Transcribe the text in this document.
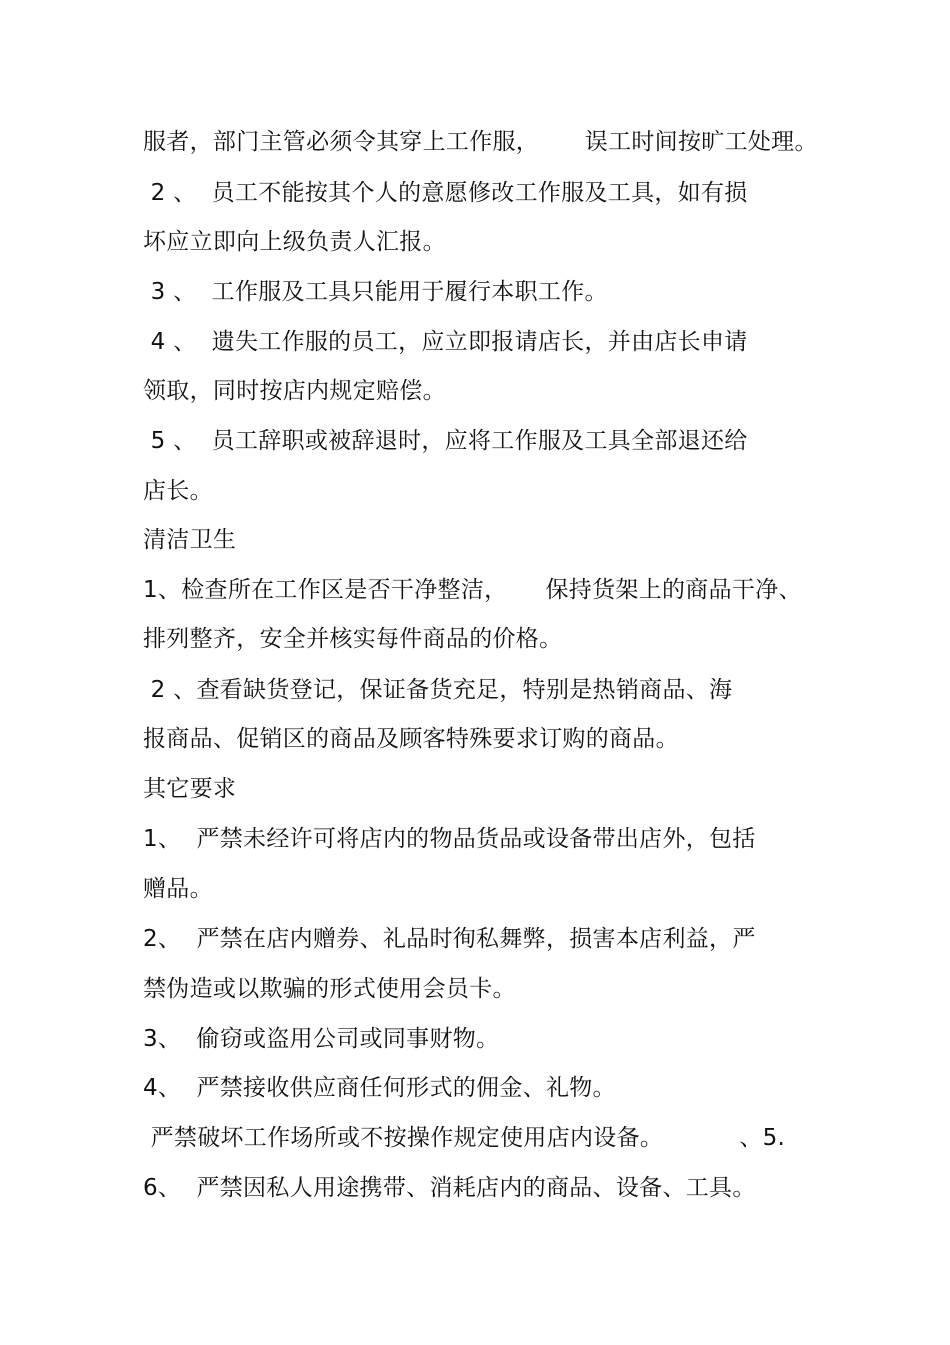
服者，部门主管必须令其穿上工作服，      误工时间按旷工处理。
2 、  员工不能按其个人的意愿修改工作服及工具，如有损
坏应立即向上级负责人汇报。
3 、  工作服及工具只能用于履行本职工作。
4 、  遗失工作服的员工，应立即报请店长，并由店长申请
领取，同时按店内规定赔偿。
5 、  员工辞职或被辞退时，应将工作服及工具全部退还给
店长。
清洁卫生
1、检查所在工作区是否干净整洁，     保持货架上的商品干净、
排列整齐，安全并核实每件商品的价格。
2 、查看缺货登记，保证备货充足，特别是热销商品、海
报商品、促销区的商品及顾客特殊要求订购的商品。
其它要求
1、  严禁未经许可将店内的物品货品或设备带出店外，包括
赠品。
2、  严禁在店内赠券、礼品时徇私舞弊，损害本店利益，严
禁伪造或以欺骗的形式使用会员卡。
3、  偷窃或盗用公司或同事财物。
4、  严禁接收供应商任何形式的佣金、礼物。
严禁破坏工作场所或不按操作规定使用店内设备。          、5.
6、  严禁因私人用途携带、消耗店内的商品、设备、工具。
